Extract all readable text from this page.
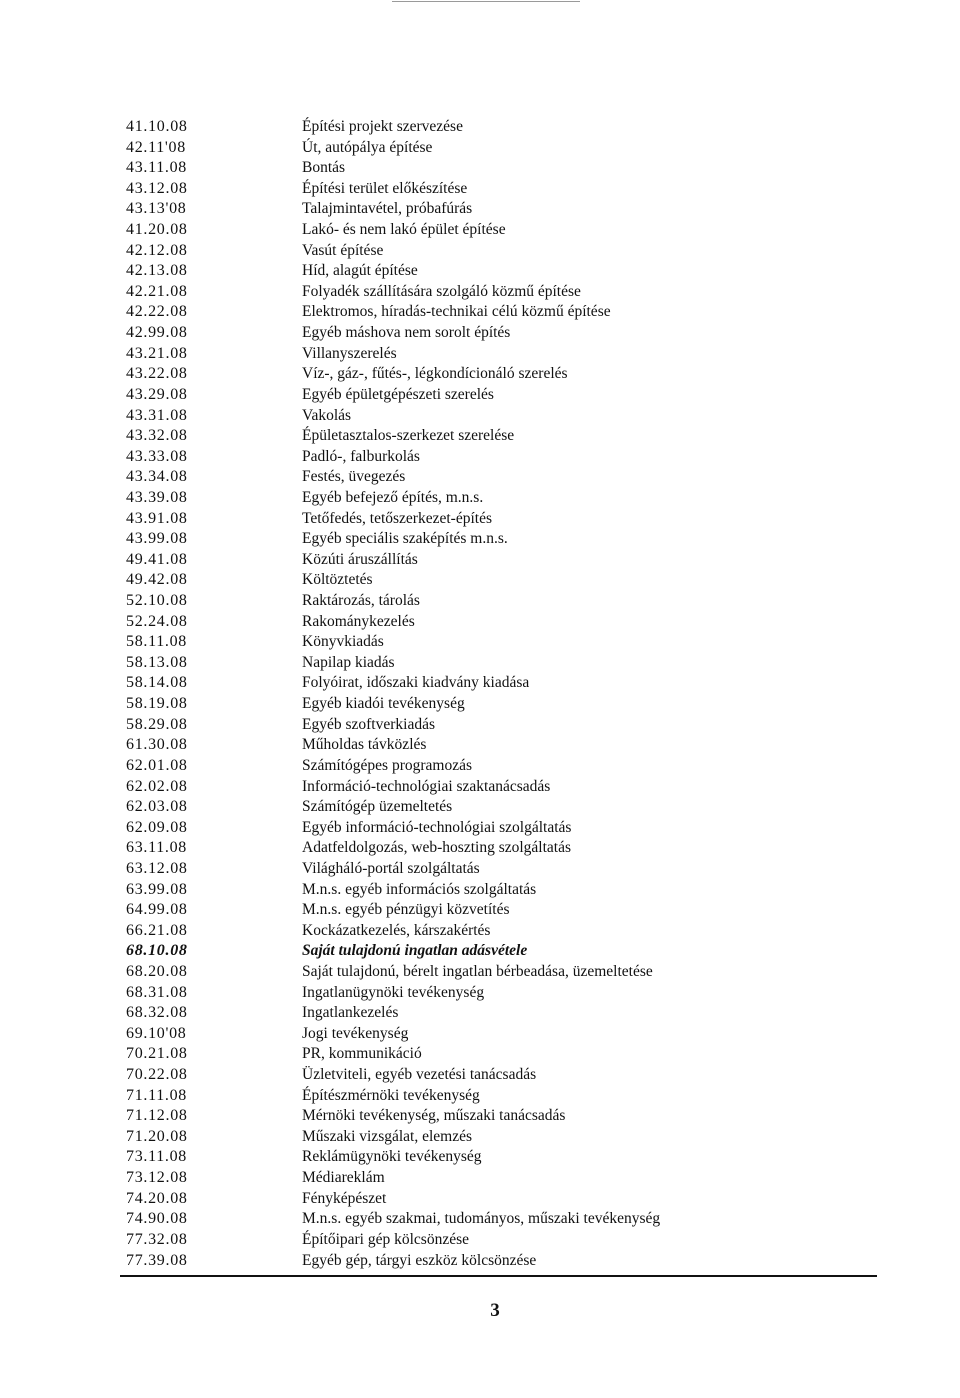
41.10.08	Építési projekt szervezése
42.11'08	Út, autópálya építése
43.11.08	Bontás
43.12.08	Építési terület előkészítése
43.13'08	Talajmintavétel, próbafúrás
41.20.08	Lakó- és nem lakó épület építése
42.12.08	Vasút építése
42.13.08	Híd, alagút építése
42.21.08	Folyadék szállítására szolgáló közmű építése
42.22.08	Elektromos, híradás-technikai célú közmű építése
42.99.08	Egyéb máshova nem sorolt építés
43.21.08	Villanyszerelés
43.22.08	Víz-, gáz-, fűtés-, légkondícionáló szerelés
43.29.08	Egyéb épületgépészeti szerelés
43.31.08	Vakolás
43.32.08	Épületasztalos-szerkezet szerelése
43.33.08	Padló-, falburkolás
43.34.08	Festés, üvegezés
43.39.08	Egyéb befejező építés, m.n.s.
43.91.08	Tetőfedés, tetőszerkezet-építés
43.99.08	Egyéb speciális szaképítés m.n.s.
49.41.08	Közúti áruszállítás
49.42.08	Költöztetés
52.10.08	Raktározás, tárolás
52.24.08	Rakománykezelés
58.11.08	Könyvkiadás
58.13.08	Napilap kiadás
58.14.08	Folyóirat, időszaki kiadvány kiadása
58.19.08	Egyéb kiadói tevékenység
58.29.08	Egyéb szoftverkiadás
61.30.08	Műholdas távközlés
62.01.08	Számítógépes programozás
62.02.08	Információ-technológiai szaktanácsadás
62.03.08	Számítógép üzemeltetés
62.09.08	Egyéb információ-technológiai szolgáltatás
63.11.08	Adatfeldolgozás, web-hoszting szolgáltatás
63.12.08	Világháló-portál szolgáltatás
63.99.08	M.n.s. egyéb információs szolgáltatás
64.99.08	M.n.s. egyéb pénzügyi közvetítés
66.21.08	Kockázatkezelés, kárszakértés
68.10.08	Saját tulajdonú ingatlan adásvétele
68.20.08	Saját tulajdonú, bérelt ingatlan bérbeadása, üzemeltetése
68.31.08	Ingatlanügynöki tevékenység
68.32.08	Ingatlankezelés
69.10'08	Jogi tevékenység
70.21.08	PR, kommunikáció
70.22.08	Üzletviteli, egyéb vezetési tanácsadás
71.11.08	Építészmérnöki tevékenység
71.12.08	Mérnöki tevékenység, műszaki tanácsadás
71.20.08	Műszaki vizsgálat, elemzés
73.11.08	Reklámügynöki tevékenység
73.12.08	Médiareklám
74.20.08	Fényképészet
74.90.08	M.n.s. egyéb szakmai, tudományos, műszaki tevékenység
77.32.08	Építőipari gép kölcsönzése
77.39.08	Egyéb gép, tárgyi eszköz kölcsönzése
3
